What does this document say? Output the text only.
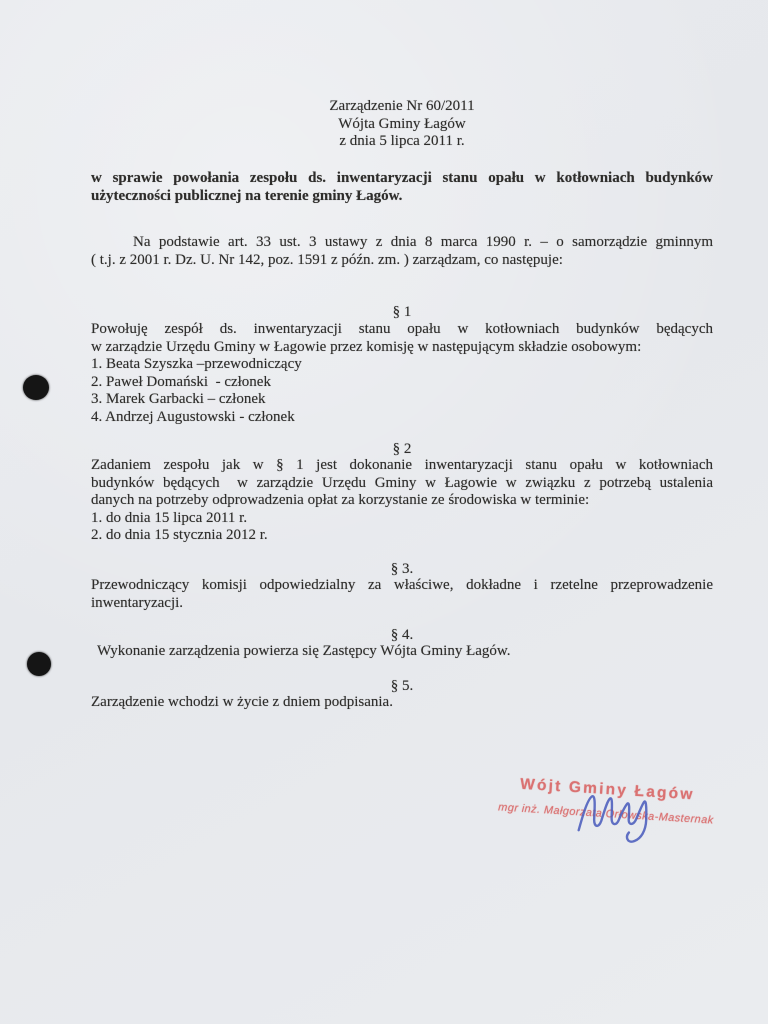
Zarządzenie Nr 60/2011
Wójta Gminy Łagów
z dnia 5 lipca 2011 r.
w sprawie powołania zespołu ds. inwentaryzacji stanu opału w kotłowniach budynków
użyteczności publicznej na terenie gminy Łagów.
Na podstawie art. 33 ust. 3 ustawy z dnia 8 marca 1990 r. – o samorządzie gminnym
( t.j. z 2001 r. Dz. U. Nr 142, poz. 1591 z późn. zm. ) zarządzam, co następuje:
§ 1
Powołuję zespół ds. inwentaryzacji stanu opału w kotłowniach budynków będących
w zarządzie Urzędu Gminy w Łagowie przez komisję w następującym składzie osobowym:
1. Beata Szyszka –przewodniczący
2. Paweł Domański  - członek
3. Marek Garbacki – członek
4. Andrzej Augustowski - członek
§ 2
Zadaniem zespołu jak w § 1 jest dokonanie inwentaryzacji stanu opału w kotłowniach
budynków będących  w zarządzie Urzędu Gminy w Łagowie w związku z potrzebą ustalenia
danych na potrzeby odprowadzenia opłat za korzystanie ze środowiska w terminie:
1. do dnia 15 lipca 2011 r.
2. do dnia 15 stycznia 2012 r.
§ 3.
Przewodniczący komisji odpowiedzialny za właściwe, dokładne i rzetelne przeprowadzenie
inwentaryzacji.
§ 4.
Wykonanie zarządzenia powierza się Zastępcy Wójta Gminy Łagów.
§ 5.
Zarządzenie wchodzi w życie z dniem podpisania.
Wójt Gminy Łagów
mgr inż. Małgorzata Orłowska-Masternak
